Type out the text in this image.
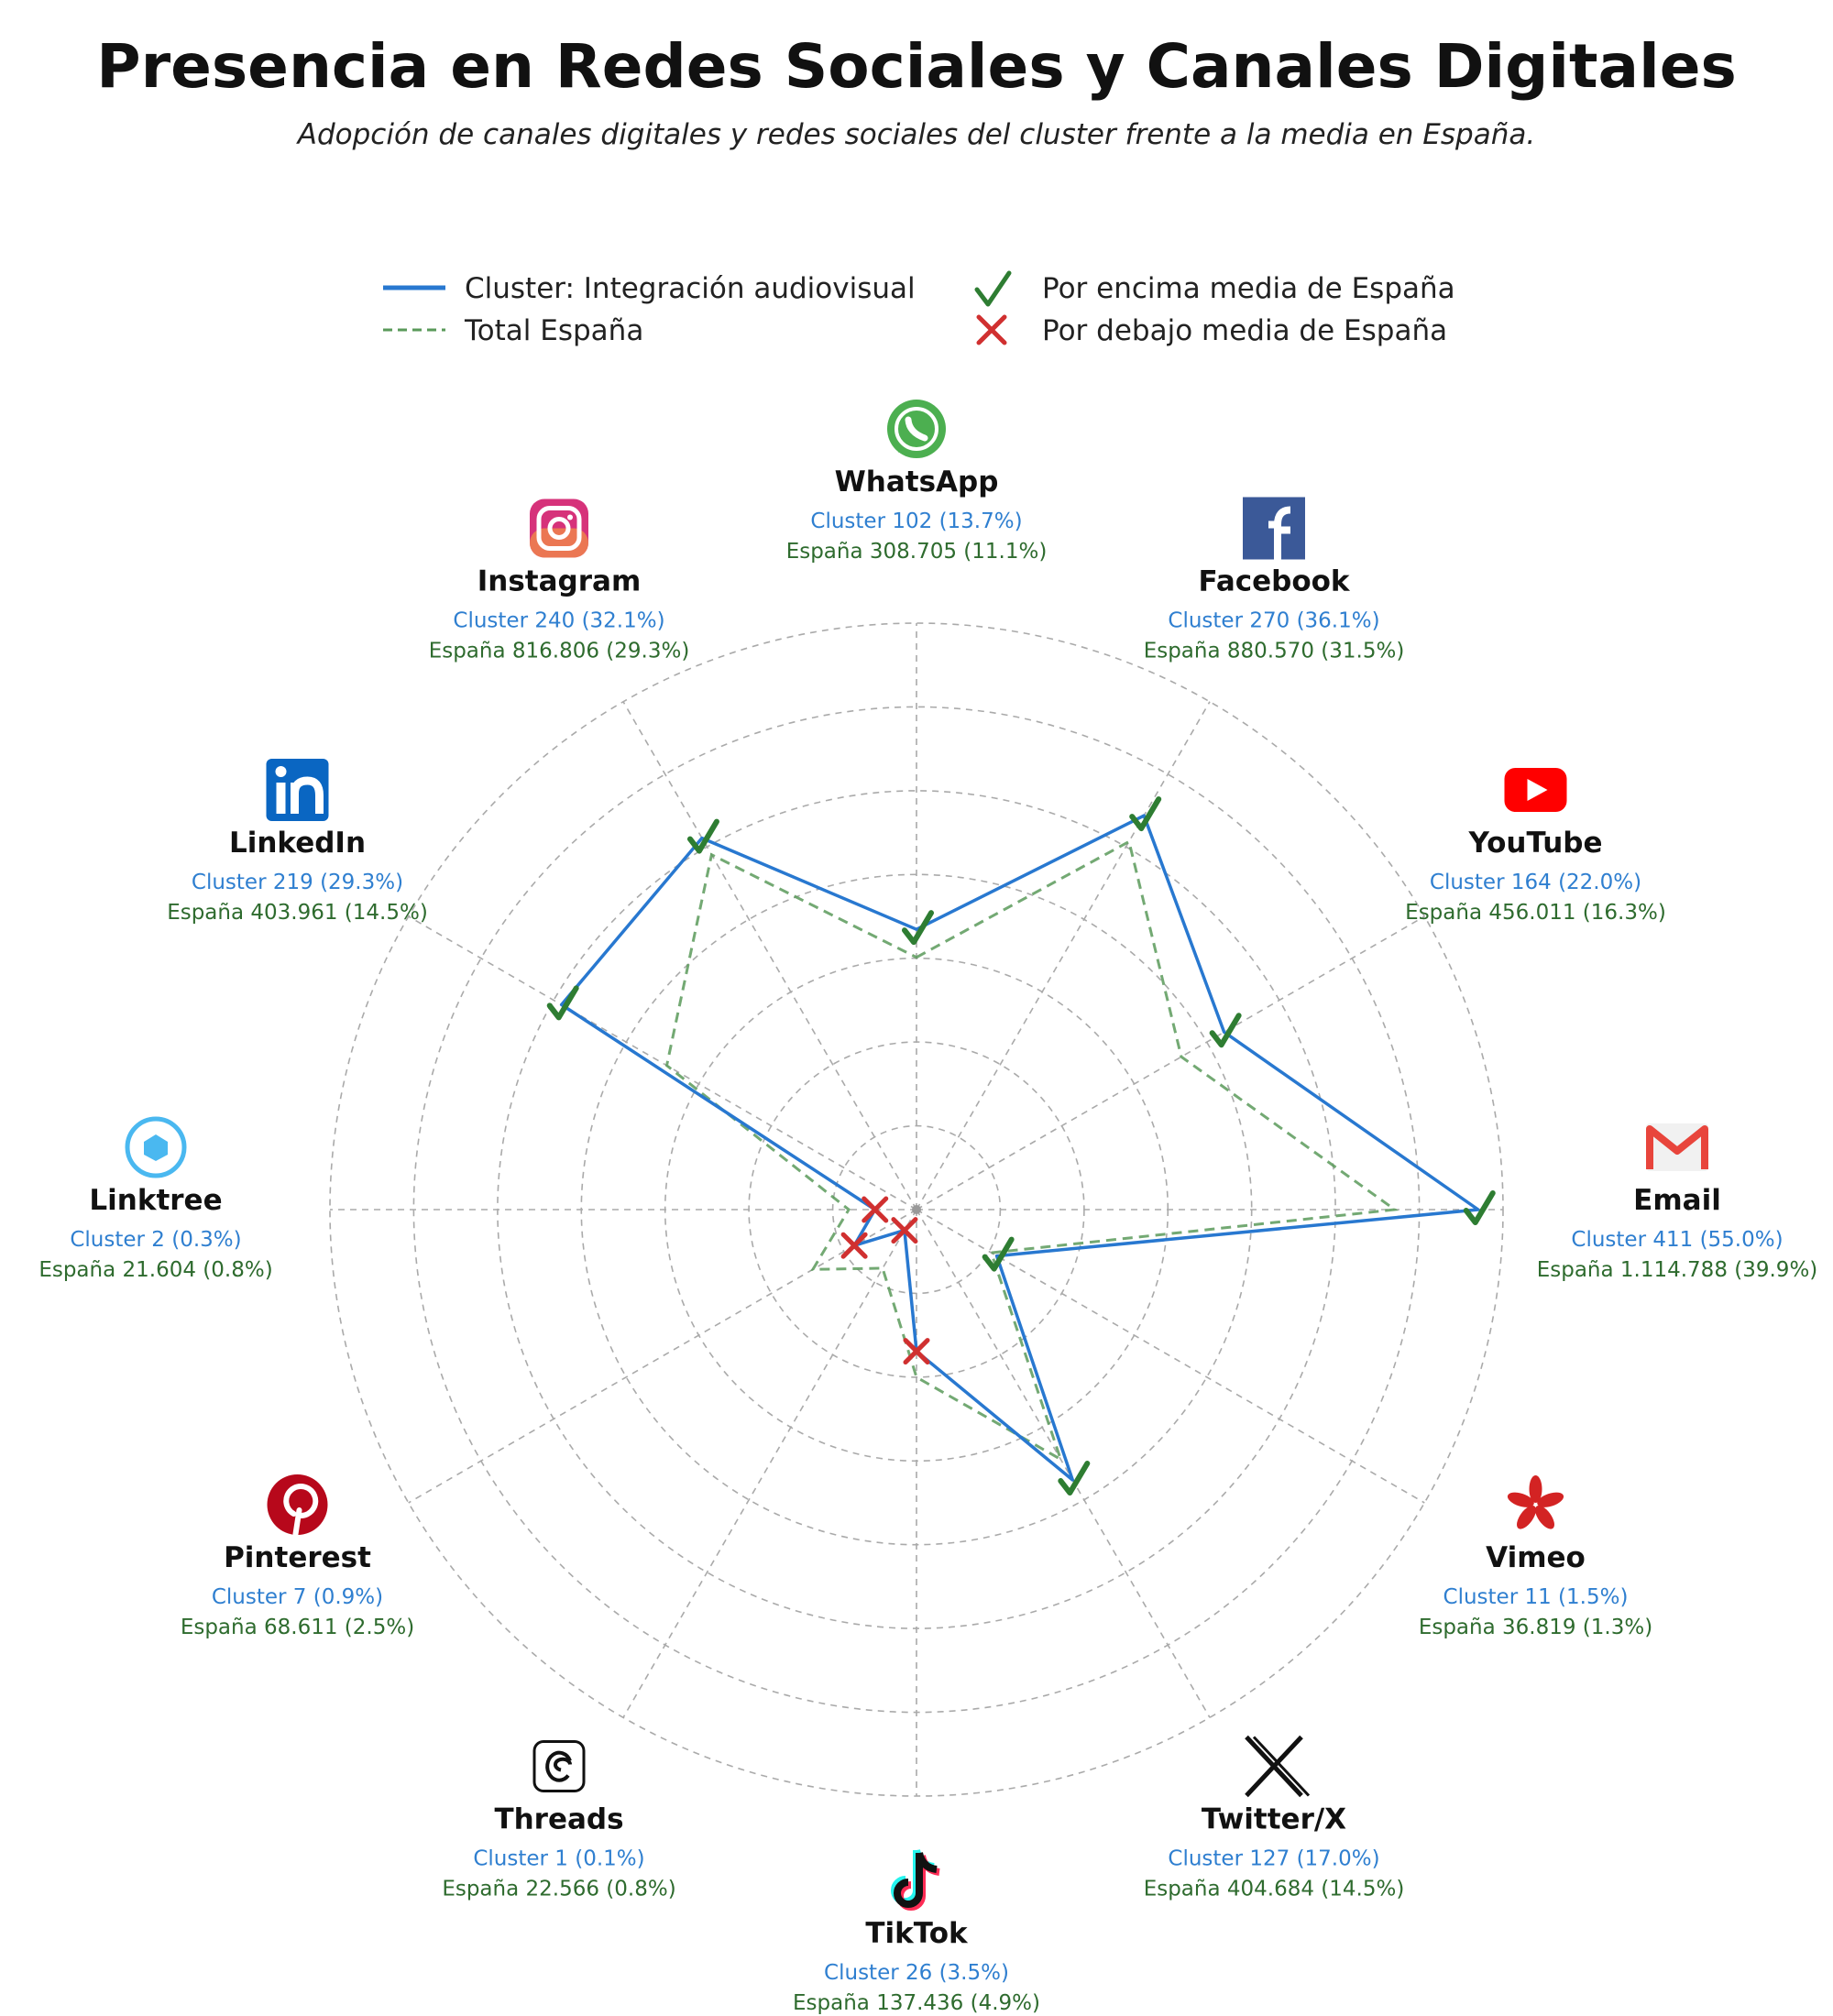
Presencia en Redes Sociales y Canales Digitales
Adopción de canales digitales y redes sociales del cluster frente a la media en España.
Cluster: Integración audiovisual
Total España
Por encima media de España
Por debajo media de España
WhatsApp
Cluster 102 (13.7%)
España 308.705 (11.1%)
Facebook
Cluster 270 (36.1%)
España 880.570 (31.5%)
YouTube
Cluster 164 (22.0%)
España 456.011 (16.3%)
Email
Cluster 411 (55.0%)
España 1.114.788 (39.9%)
Vimeo
Cluster 11 (1.5%)
España 36.819 (1.3%)
Twitter/X
Cluster 127 (17.0%)
España 404.684 (14.5%)
TikTok
Cluster 26 (3.5%)
España 137.436 (4.9%)
Threads
Cluster 1 (0.1%)
España 22.566 (0.8%)
Pinterest
Cluster 7 (0.9%)
España 68.611 (2.5%)
Linktree
Cluster 2 (0.3%)
España 21.604 (0.8%)
LinkedIn
Cluster 219 (29.3%)
España 403.961 (14.5%)
Instagram
Cluster 240 (32.1%)
España 816.806 (29.3%)
